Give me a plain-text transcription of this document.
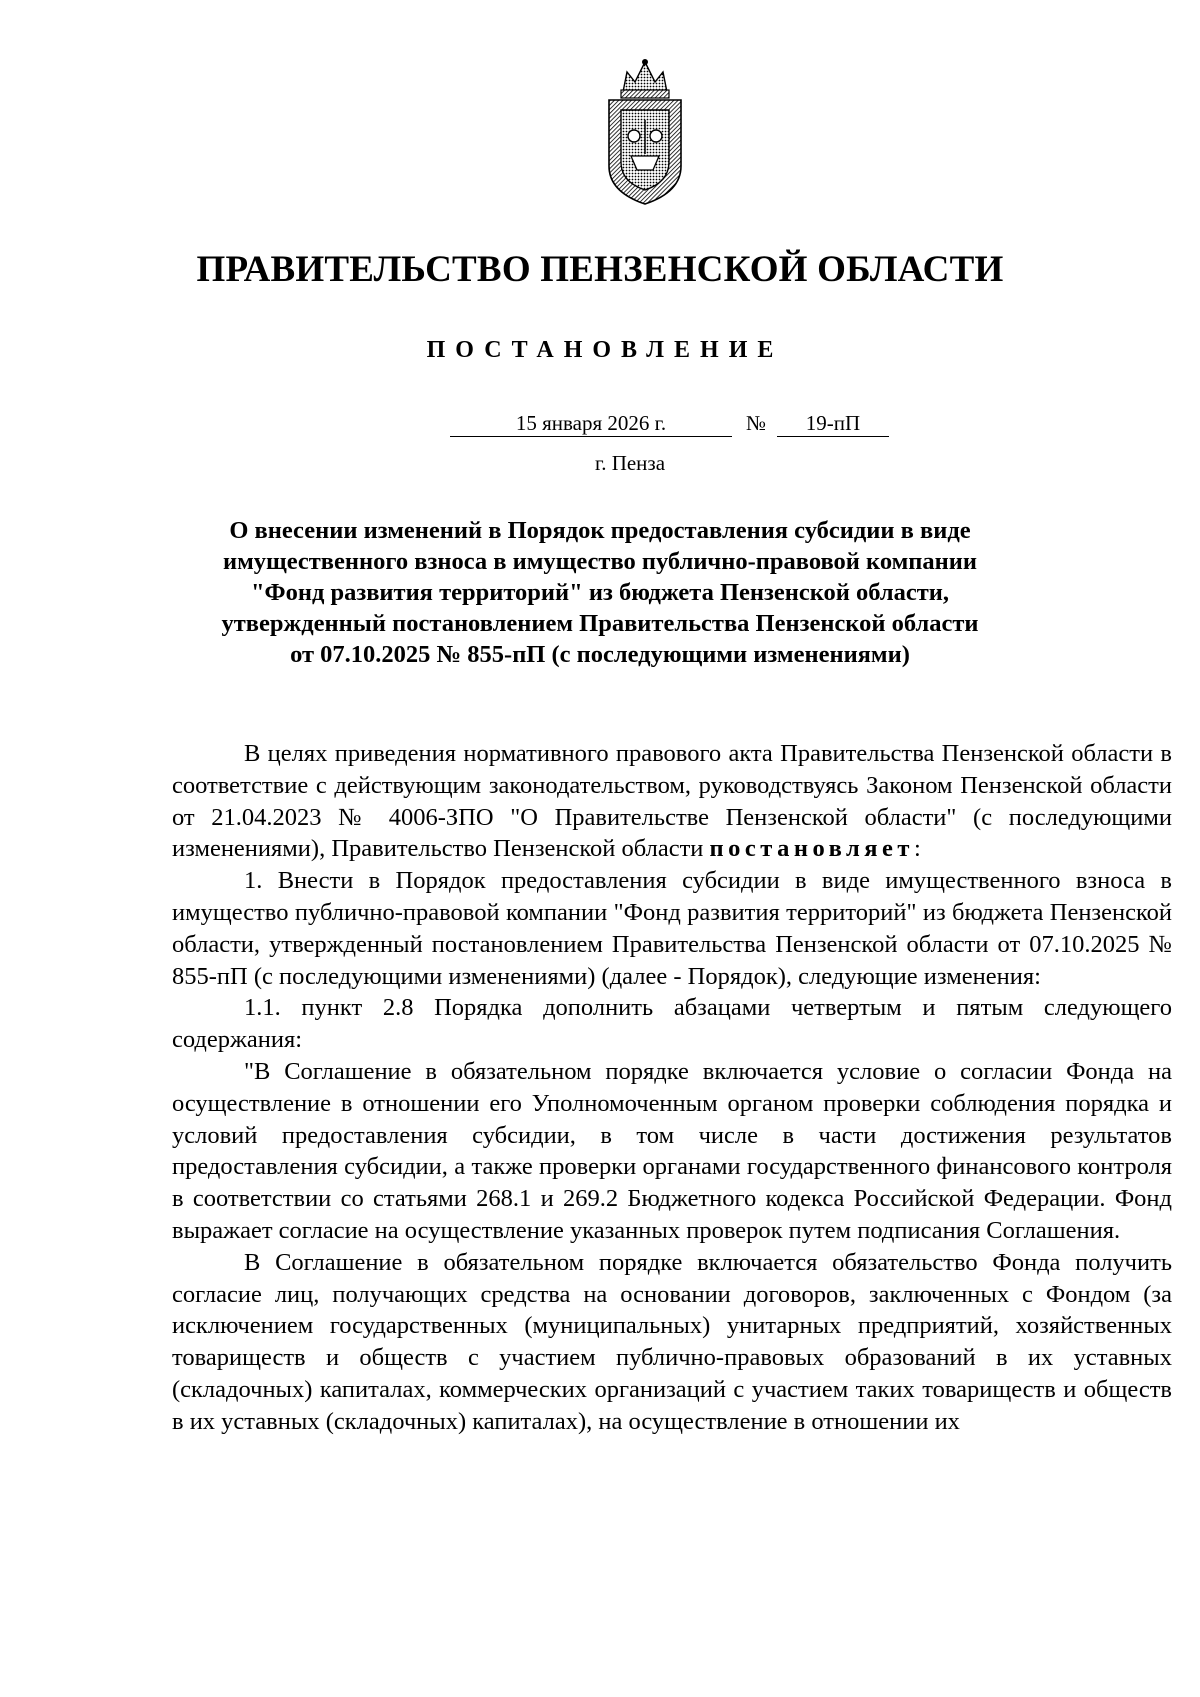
ПРАВИТЕЛЬСТВО ПЕНЗЕНСКОЙ ОБЛАСТИ
ПОСТАНОВЛЕНИЕ
15 января 2026 г.	№	19-пП
г. Пенза
О внесении изменений в Порядок предоставления субсидии в виде
имущественного взноса в имущество публично-правовой компании
"Фонд развития территорий" из бюджета Пензенской области,
утвержденный постановлением Правительства Пензенской области
от 07.10.2025 № 855-пП (с последующими изменениями)

В целях приведения нормативного правового акта Правительства Пензенской области в соответствие с действующим законодательством, руководствуясь Законом Пензенской области от 21.04.2023 № 4006-ЗПО "О Правительстве Пензенской области" (с последующими изменениями), Правительство Пензенской области постановляет:

1. Внести в Порядок предоставления субсидии в виде имущественного взноса в имущество публично-правовой компании "Фонд развития территорий" из бюджета Пензенской области, утвержденный постановлением Правительства Пензенской области от 07.10.2025 № 855-пП (с последующими изменениями) (далее - Порядок), следующие изменения:

1.1. пункт 2.8 Порядка дополнить абзацами четвертым и пятым следующего содержания:

"В Соглашение в обязательном порядке включается условие о согласии Фонда на осуществление в отношении его Уполномоченным органом проверки соблюдения порядка и условий предоставления субсидии, в том числе в части достижения результатов предоставления субсидии, а также проверки органами государственного финансового контроля в соответствии со статьями 268.1 и 269.2 Бюджетного кодекса Российской Федерации. Фонд выражает согласие на осуществление указанных проверок путем подписания Соглашения.

В Соглашение в обязательном порядке включается обязательство Фонда получить согласие лиц, получающих средства на основании договоров, заключенных с Фондом (за исключением государственных (муниципальных) унитарных предприятий, хозяйственных товариществ и обществ с участием публично-правовых образований в их уставных (складочных) капиталах, коммерческих организаций с участием таких товариществ и обществ в их уставных (складочных) капиталах), на осуществление в отношении их
